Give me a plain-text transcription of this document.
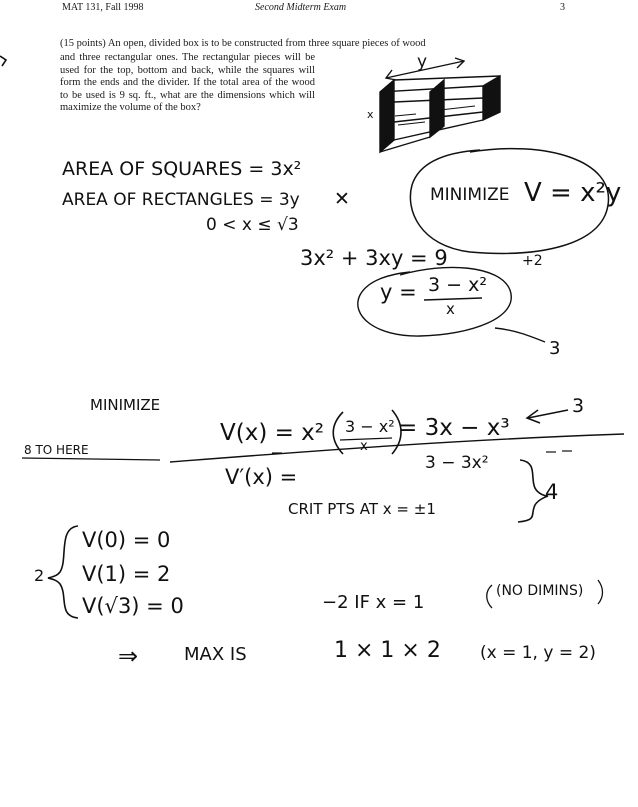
MAT 131, Fall 1998	Second Midterm Exam	3
(15 points) An open, divided box is to be constructed from three square pieces of wood
and three rectangular ones. The rectangular pieces will be used for the top, bottom and back, while the squares will form the ends and the divider. If the total area of the wood to be used is 9 sq. ft., what are the dimensions which will maximize the volume of the box?
y
x
x
AREA OF SQUARES = 3x²
AREA OF RECTANGLES = 3y ✕
0 < x ≤ √3
MINIMIZE V = x²y
3x² + 3xy = 9	+2
y = 3 − x²
x
3
MINIMIZE
V(x) = x² 3 − x²
x
= 3x − x³
3
8 TO HERE
V′(x) =
3 − 3x²
CRIT PTS AT x = ±1
4
V(0) = 0
V(1) = 2
V(√3) = 0
2
−2 IF x = 1
(NO DIMINS)
⇒	MAX IS	1 × 1 × 2 (x = 1, y = 2)
